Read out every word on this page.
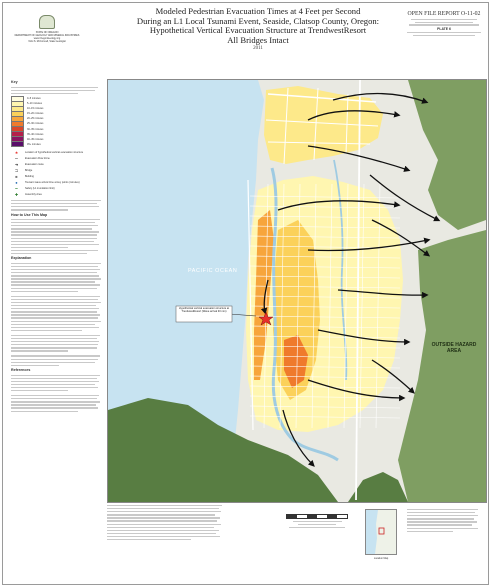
STATE OF OREGON
DEPARTMENT OF GEOLOGY AND MINERAL INDUSTRIES
www.OregonGeology.org
Vicki S. McConnell, State Geologist
Modeled Pedestrian Evacuation Times at 4 Feet per Second
During an L1 Local Tsunami Event, Seaside, Clatsop County, Oregon:
Hypothetical Vertical Evacuation Structure at TrendwestResort
All Bridges Intact
2011
OPEN FILE REPORT O-11-02
PLATE 6
Key
0–5 minutes
5–10 minutes
10–15 minutes
15–20 minutes
20–25 minutes
25–30 minutes
30–35 minutes
35–40 minutes
40–45 minutes
45+ minutes
★	Location of hypothetical vertical evacuation structure
┅	Evacuation Flow Zone
➜	Evacuation route
⊐	Bridge
■	Building
●	Tsunami wave arrival time at key points (minutes)
━	Safety (L1 inundation limit)
✚	Assembly Area
How to Use This Map
Explanation
References
Hypothetical vertical evacuation structure at TrendwestResort (Wave arrival 30 min)
PACIFIC OCEAN
OUTSIDE HAZARD AREA
Location Map
